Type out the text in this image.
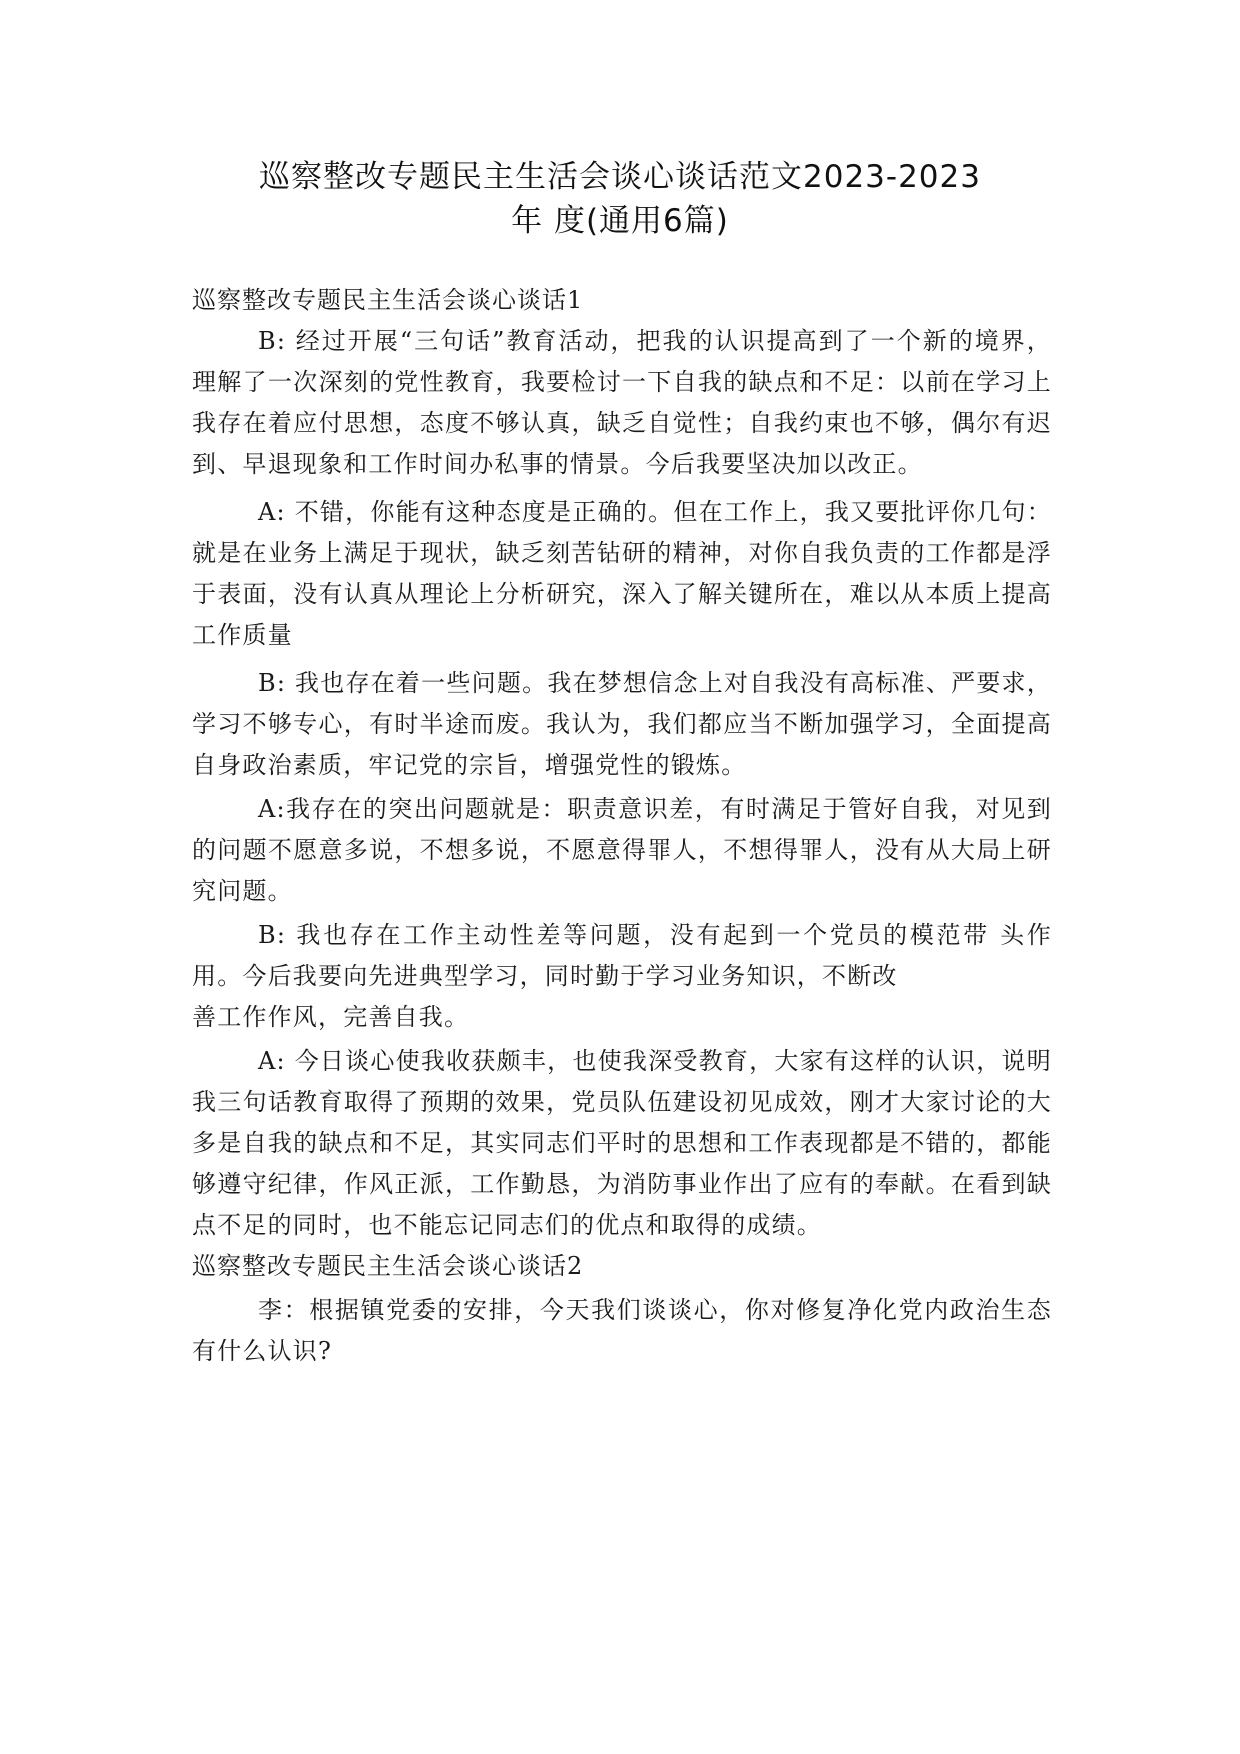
巡察整改专题民主生活会谈心谈话范文2023-2023
年 度(通用6篇)

巡察整改专题民主生活会谈心谈话1

B: 经过开展“三句话”教育活动，把我的认识提高到了一个新的境界，理解了一次深刻的党性教育，我要检讨一下自我的缺点和不足：以前在学习上我存在着应付思想，态度不够认真，缺乏自觉性；自我约束也不够，偶尔有迟到、早退现象和工作时间办私事的情景。今后我要坚决加以改正。

A: 不错，你能有这种态度是正确的。但在工作上，我又要批评你几句：就是在业务上满足于现状，缺乏刻苦钻研的精神，对你自我负责的工作都是浮于表面，没有认真从理论上分析研究，深入了解关键所在，难以从本质上提高工作质量

B: 我也存在着一些问题。我在梦想信念上对自我没有高标准、严要求，学习不够专心，有时半途而废。我认为，我们都应当不断加强学习，全面提高自身政治素质，牢记党的宗旨，增强党性的锻炼。

A:我存在的突出问题就是：职责意识差，有时满足于管好自我，对见到的问题不愿意多说，不想多说，不愿意得罪人，不想得罪人，没有从大局上研究问题。

B: 我也存在工作主动性差等问题，没有起到一个党员的模范带 头作用。今后我要向先进典型学习，同时勤于学习业务知识，不断改

善工作作风，完善自我。

A: 今日谈心使我收获颇丰，也使我深受教育，大家有这样的认识，说明我三句话教育取得了预期的效果，党员队伍建设初见成效，刚才大家讨论的大多是自我的缺点和不足，其实同志们平时的思想和工作表现都是不错的，都能够遵守纪律，作风正派，工作勤恳，为消防事业作出了应有的奉献。在看到缺点不足的同时，也不能忘记同志们的优点和取得的成绩。

巡察整改专题民主生活会谈心谈话2

李：根据镇党委的安排，今天我们谈谈心，你对修复净化党内政治生态有什么认识?
